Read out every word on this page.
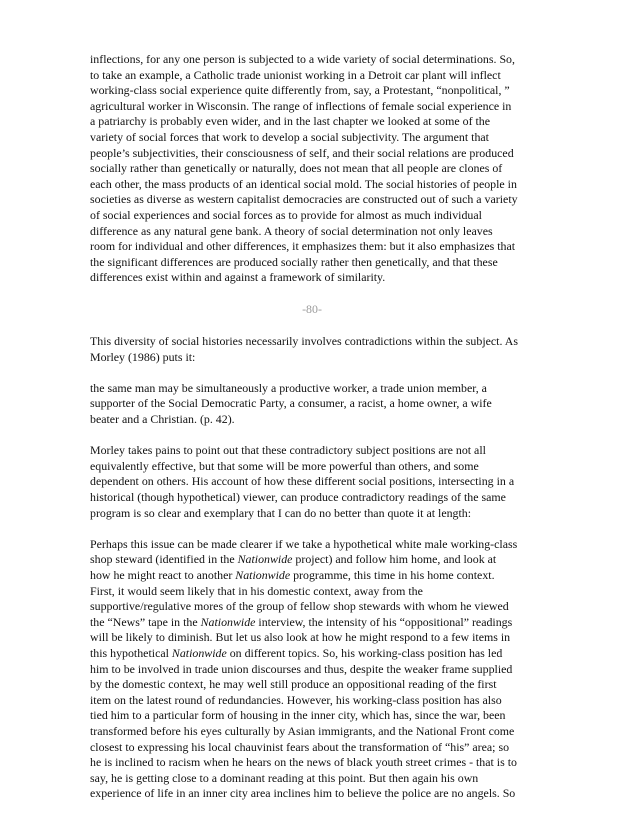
inflections, for any one person is subjected to a wide variety of social determinations. So,
to take an example, a Catholic trade unionist working in a Detroit car plant will inflect
working-class social experience quite differently from, say, a Protestant, “nonpolitical, ”
agricultural worker in Wisconsin. The range of inflections of female social experience in
a patriarchy is probably even wider, and in the last chapter we looked at some of the
variety of social forces that work to develop a social subjectivity. The argument that
people’s subjectivities, their consciousness of self, and their social relations are produced
socially rather than genetically or naturally, does not mean that all people are clones of
each other, the mass products of an identical social mold. The social histories of people in
societies as diverse as western capitalist democracies are constructed out of such a variety
of social experiences and social forces as to provide for almost as much individual
difference as any natural gene bank. A theory of social determination not only leaves
room for individual and other differences, it emphasizes them: but it also emphasizes that
the significant differences are produced socially rather then genetically, and that these
differences exist within and against a framework of similarity.

-80-

This diversity of social histories necessarily involves contradictions within the subject. As
Morley (1986) puts it:

the same man may be simultaneously a productive worker, a trade union member, a
supporter of the Social Democratic Party, a consumer, a racist, a home owner, a wife
beater and a Christian. (p. 42).

Morley takes pains to point out that these contradictory subject positions are not all
equivalently effective, but that some will be more powerful than others, and some
dependent on others. His account of how these different social positions, intersecting in a
historical (though hypothetical) viewer, can produce contradictory readings of the same
program is so clear and exemplary that I can do no better than quote it at length:

Perhaps this issue can be made clearer if we take a hypothetical white male working-class
shop steward (identified in the Nationwide project) and follow him home, and look at
how he might react to another Nationwide programme, this time in his home context.
First, it would seem likely that in his domestic context, away from the
supportive/regulative mores of the group of fellow shop stewards with whom he viewed
the “News” tape in the Nationwide interview, the intensity of his “oppositional” readings
will be likely to diminish. But let us also look at how he might respond to a few items in
this hypothetical Nationwide on different topics. So, his working-class position has led
him to be involved in trade union discourses and thus, despite the weaker frame supplied
by the domestic context, he may well still produce an oppositional reading of the first
item on the latest round of redundancies. However, his working-class position has also
tied him to a particular form of housing in the inner city, which has, since the war, been
transformed before his eyes culturally by Asian immigrants, and the National Front come
closest to expressing his local chauvinist fears about the transformation of “his” area; so
he is inclined to racism when he hears on the news of black youth street crimes - that is to
say, he is getting close to a dominant reading at this point. But then again his own
experience of life in an inner city area inclines him to believe the police are no angels. So
